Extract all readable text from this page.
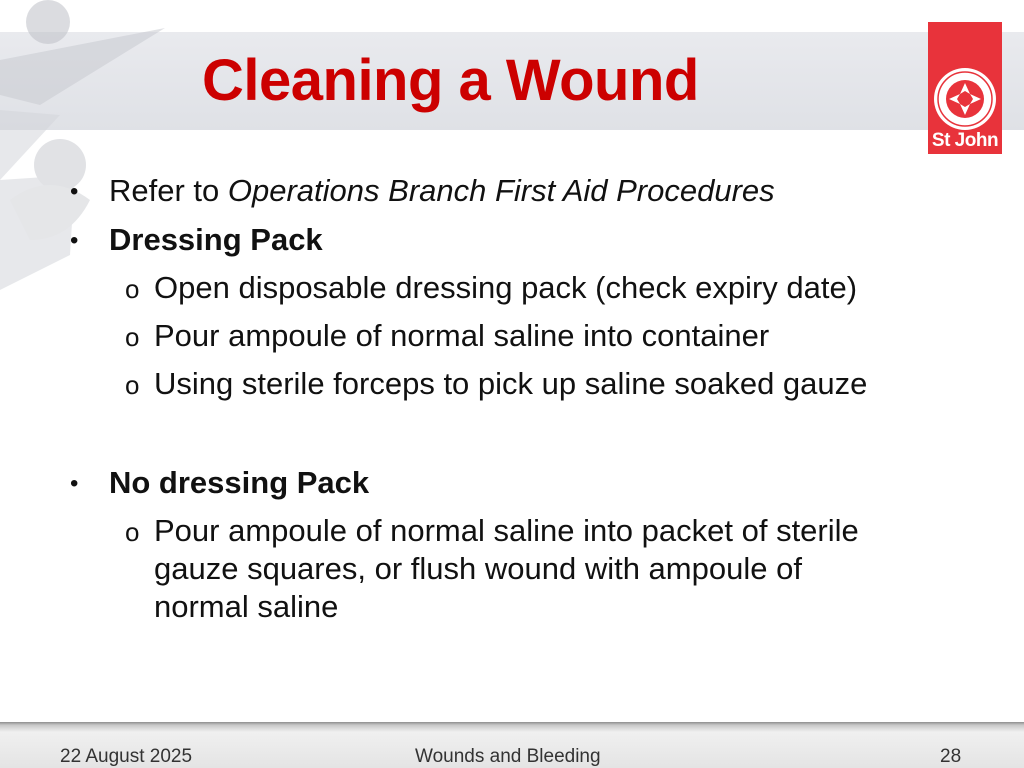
Cleaning a Wound
St John
• Refer to Operations Branch First Aid Procedures
• Dressing Pack
o Open disposable dressing pack (check expiry date)
o Pour ampoule of normal saline into container
o Using sterile forceps to pick up saline soaked gauze
• No dressing Pack
o Pour ampoule of normal saline into packet of sterile
gauze squares, or flush wound with ampoule of
normal saline
22 August 2025	Wounds and Bleeding	28
